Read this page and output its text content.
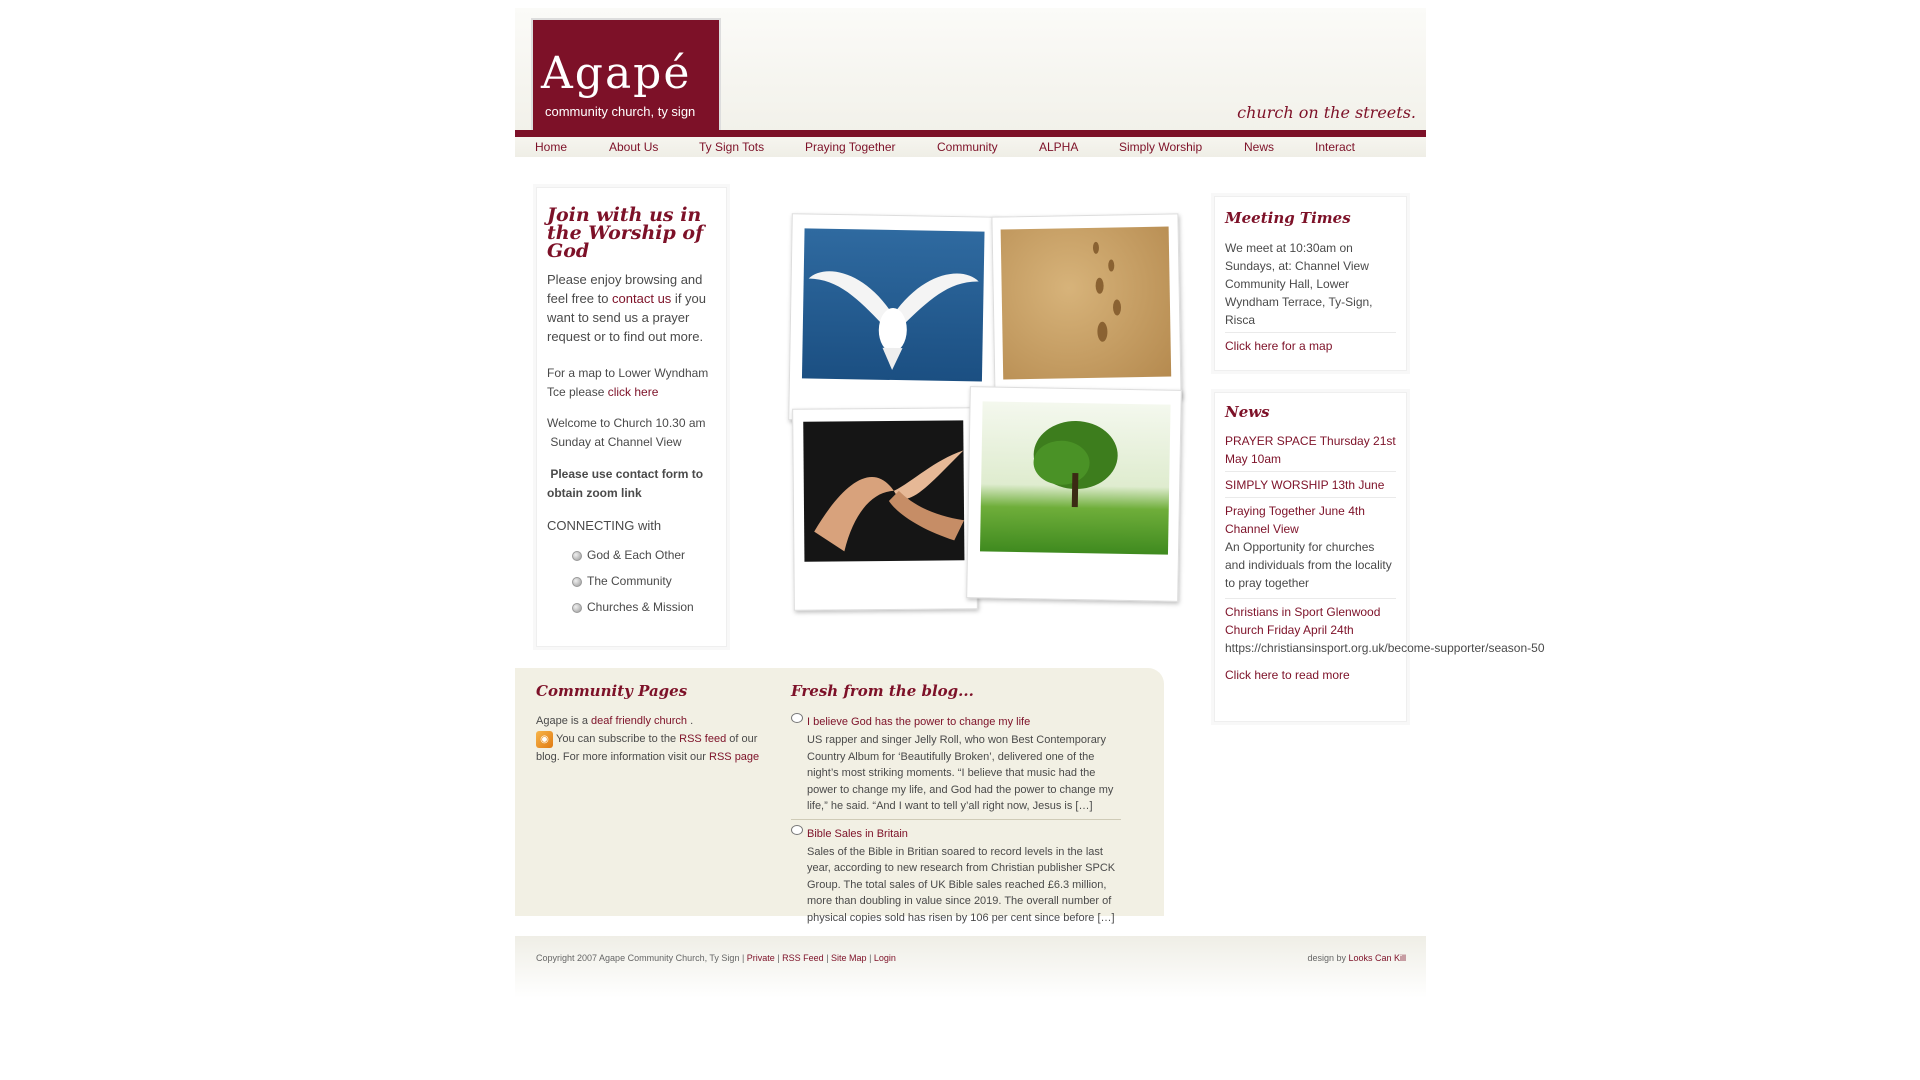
Agapé
community church, ty sign	church on the streets.
Home	About Us	Ty Sign Tots	Praying Together	Community	ALPHA	Simply Worship	News	Interact
Join with us in the Worship of God

Please enjoy browsing and feel free to contact us if you want to send us a prayer request or to find out more.

For a map to Lower Wyndham Tce please click here

Welcome to Church 10.30 am
Sunday at Channel View

Please use contact form to obtain zoom link

CONNECTING with

God & Each Other
The Community
Churches & Mission
Meeting Times

We meet at 10:30am on Sundays, at: Channel View Community Hall, Lower Wyndham Terrace, Ty-Sign, Risca

Click here for a map
News
PRAYER SPACE Thursday 21st May 10am
SIMPLY WORSHIP 13th June
Praying Together June 4th Channel View

An Opportunity for churches and individuals from the locality to pray together

Christians in Sport Glenwood Church Friday April 24th

https://christiansinsport.org.uk/become-supporter/season-50

Click here to read more
Community Pages

Agape is a deaf friendly church .
◉ You can subscribe to the RSS feed of our blog. For more information visit our RSS page

Fresh from the blog...
I believe God has the power to change my life

US rapper and singer Jelly Roll, who won Best Contemporary Country Album for ‘Beautifully Broken’, delivered one of the night’s most striking moments. “I believe that music had the power to change my life, and God had the power to change my life,” he said. “And I want to tell y’all right now, Jesus is […]

Bible Sales in Britain

Sales of the Bible in Britian soared to record levels in the last year, according to new research from Christian publisher SPCK Group. The total sales of UK Bible sales reached £6.3 million, more than doubling in value since 2019. The overall number of physical copies sold has risen by 106 per cent since before […]

Copyright 2007 Agape Community Church, Ty Sign | Private | RSS Feed | Site Map | Login	design by Looks Can Kill
